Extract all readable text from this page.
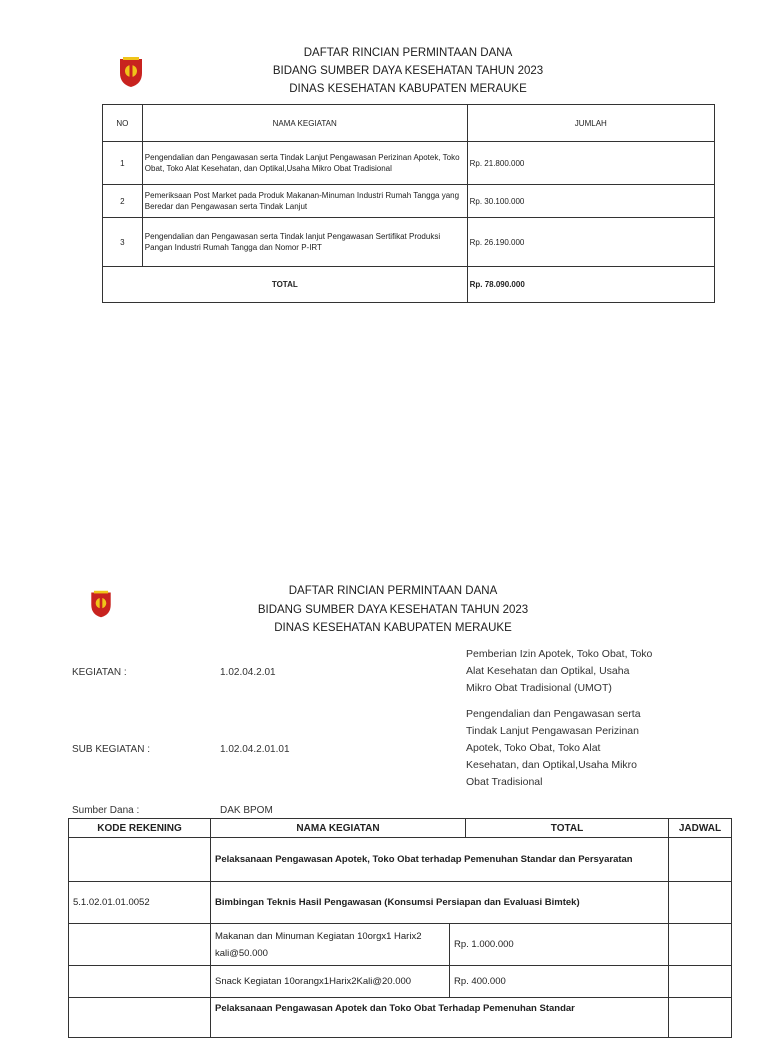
DAFTAR RINCIAN PERMINTAAN DANA
BIDANG SUMBER DAYA KESEHATAN TAHUN 2023
DINAS KESEHATAN KABUPATEN MERAUKE
NO	NAMA KEGIATAN	JUMLAH
1	Pengendalian dan Pengawasan serta Tindak Lanjut Pengawasan Perizinan Apotek, Toko Obat, Toko Alat Kesehatan, dan Optikal,Usaha Mikro Obat Tradisional	Rp. 21.800.000
2	Pemeriksaan Post Market pada Produk Makanan-Minuman Industri Rumah Tangga yang Beredar dan Pengawasan serta Tindak Lanjut	Rp. 30.100.000
3	Pengendalian dan Pengawasan serta Tindak lanjut Pengawasan Sertifikat Produksi Pangan Industri Rumah Tangga dan Nomor P-IRT	Rp. 26.190.000
TOTAL		Rp. 78.090.000
DAFTAR RINCIAN PERMINTAAN DANA
BIDANG SUMBER DAYA KESEHATAN TAHUN 2023
DINAS KESEHATAN KABUPATEN MERAUKE
KEGIATAN :	1.02.04.2.01
Pemberian Izin Apotek, Toko Obat, Toko
Alat Kesehatan dan Optikal, Usaha
Mikro Obat Tradisional (UMOT)
SUB KEGIATAN :	1.02.04.2.01.01
Pengendalian dan Pengawasan serta
Tindak Lanjut Pengawasan Perizinan
Apotek, Toko Obat, Toko Alat
Kesehatan, dan Optikal,Usaha Mikro
Obat Tradisional
Sumber Dana :	DAK BPOM
KODE REKENING	NAMA KEGIATAN		TOTAL	JADWAL
	Pelaksanaan Pengawasan Apotek, Toko Obat terhadap Pemenuhan Standar dan Persyaratan			
5.1.02.01.01.0052	Bimbingan Teknis Hasil Pengawasan (Konsumsi Persiapan dan Evaluasi Bimtek)			
	Makanan dan Minuman Kegiatan 10orgx1 Harix2 kali@50.000	Rp. 1.000.000		
	Snack Kegiatan 10orangx1Harix2Kali@20.000	Rp. 400.000		
	Pelaksanaan Pengawasan Apotek dan Toko Obat Terhadap Pemenuhan Standar			
